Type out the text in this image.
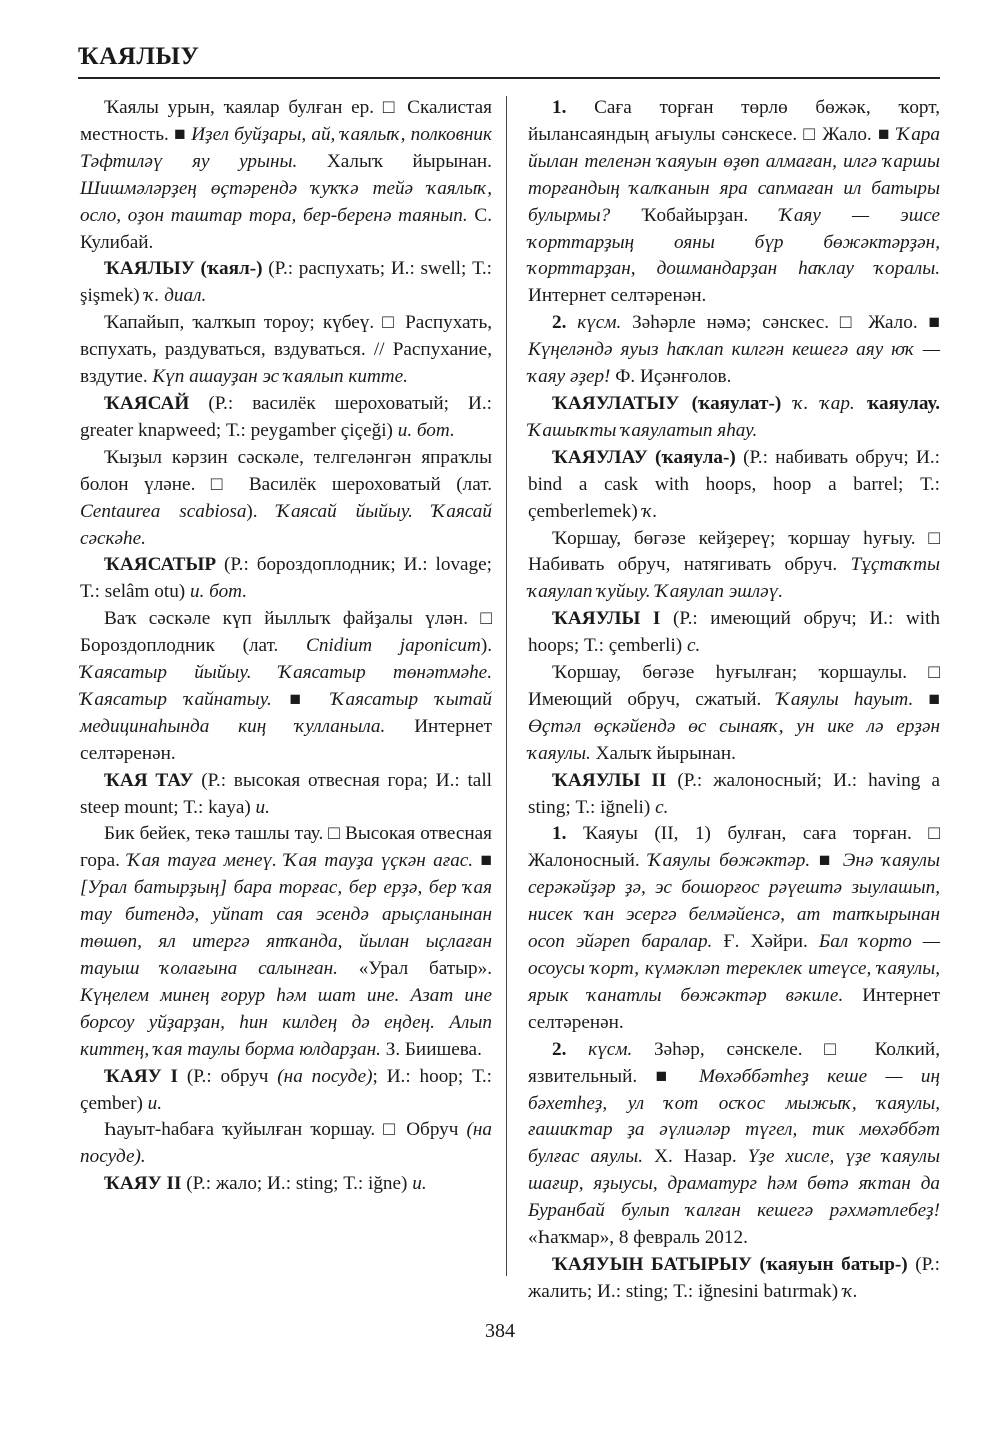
ҠАЯЛЫУ

Ҡаялы урын, ҡаялар булған ер. □ Скалистая местность. ■ Иҙел буйҙары, ай, ҡаялыҡ, полковник Тәфтиләү яу урыны. Халыҡ йырынан. Шишмәләрҙең өҫтәрендә ҡуҡҡә тейә ҡаялыҡ, осло, оҙон таштар тора, бер-беренә таянып. С. Кулибай.

ҠАЯЛЫУ (ҡаял-) (Р.: распухать; И.: swell; Т.: şişmek) ҡ. диал.

Ҡапайып, ҡалҡып тороу; күбеү. □ Распухать, вспухать, раздуваться, вздуваться. // Распухание, вздутие. Күп ашауҙан эс ҡаялып китте.

ҠАЯСАЙ (Р.: василёк шероховатый; И.: greater knapweed; Т.: peygamber çiçeği) и. бот.

Ҡыҙыл кәрзин сәскәле, телгеләнгән япраҡлы болон үләне. □ Василёк шероховатый (лат. Centaurea scabiosa). Ҡаясай йыйыу. Ҡаясай сәскәһе.

ҠАЯСАТЫР (Р.: бороздоплодник; И.: lovage; Т.: selâm otu) и. бот.

Ваҡ сәскәле күп йыллыҡ файҙалы үлән. □ Бороздоплодник (лат. Cnidium japonicum). Ҡаясатыр йыйыу. Ҡаясатыр төнәтмәһе. Ҡаясатыр ҡайнатыу. ■ Ҡаясатыр ҡытай медицинаһында киң ҡулланыла. Интернет селтәренән.

ҠАЯ ТАУ (Р.: высокая отвесная гора; И.: tall steep mount; Т.: kaya) и.

Бик бейек, текә ташлы тау. □ Высокая отвесная гора. Ҡая тауға менеү. Ҡая тауҙа үҫкән ағас. ■ [Урал батырҙың] бара торғас, бер ерҙә, бер ҡая тау битендә, уйпат сая эсендә арыҫланынан төшөп, ял итергә ятҡанда, йылан ыҫлаған тауыш ҡолағына салынған. «Урал батыр». Күңелем минең ғорур һәм шат ине. Азат ине борсоу уйҙарҙан, һин килдең дә еңдең. Алып киттең, ҡая таулы борма юлдарҙан. З. Биишева.

ҠАЯУ I (Р.: обруч (на посуде); И.: hoop; Т.: çember) и.

Һауыт-һабаға ҡуйылған ҡоршау. □ Обруч (на посуде).

ҠАЯУ II (Р.: жало; И.: sting; Т.: iğne) и.

1. Саға торған төрлө бөжәк, ҡорт, йылансаяндың ағыулы сәнскесе. □ Жало. ■ Ҡара йылан теленән ҡаяуын өҙөп алмаған, илгә ҡаршы торғандың ҡалҡанын яра сапмаған ил батыры булырмы? Ҡобайырҙан. Ҡаяу — эшсе ҡорттарҙың ояны бүр бөжәктәрҙән, ҡорттарҙан, дошмандарҙан һаҡлау ҡоралы. Интернет селтәренән.

2. күсм. Зәһәрле нәмә; сәнскес. □ Жало. ■ Күңеләндә яуыз һаҡлап килгән кешегә аяу юҡ — ҡаяу әҙер! Ф. Иҫәнғолов.

ҠАЯУЛАТЫУ (ҡаяулат-) ҡ. ҡар. ҡаяулау. Ҡашыҡты ҡаяулатып яһау.

ҠАЯУЛАУ (ҡаяула-) (Р.: набивать обруч; И.: bind a cask with hoops, hoop a barrel; Т.: çemberlemek) ҡ.

Ҡоршау, бөгәзе кейҙереү; ҡоршау һуғыу. □ Набивать обруч, натягивать обруч. Тұҫтаҡты ҡаяулап ҡуйыу. Ҡаяулап эшләү.

ҠАЯУЛЫ I (Р.: имеющий обруч; И.: with hoops; Т.: çemberli) с.

Ҡоршау, бөгәзе һуғылған; ҡоршаулы. □ Имеющий обруч, сжатый. Ҡаяулы һауыт. ■ Өҫтәл өҫкәйендә өс сынаяҡ, ун ике лә ерҙән ҡаяулы. Халыҡ йырынан.

ҠАЯУЛЫ II (Р.: жалоносный; И.: having a sting; Т.: iğneli) с.

1. Ҡаяуы (II, 1) булған, саға торған. □ Жалоносный. Ҡаяулы бөжәктәр. ■ Энә ҡаяулы серәкәйҙәр ҙә, эс бошорғос рәүештә зыулашып, нисек ҡан эсергә белмәйенсә, ат тапҡырынан осоп эйәреп баралар. Ғ. Хәйри. Бал ҡорто — осоусы ҡорт, күмәкләп тереклек итеүсе, ҡаяулы, ярык ҡанатлы бөжәктәр вәкиле. Интернет селтәренән.

2. күсм. Зәһәр, сәнскеле. □ Колкий, язвительный. ■ Мөхәббәтһеҙ кеше — иң бәхетһеҙ, ул ҡот осҡос мыжыҡ, ҡаяулы, ғашиҡтар ҙа әүлиәләр түгел, тик мөхәббәт булғас аяулы. Х. Назар. Үҙе хисле, үҙе ҡаяулы шағир, яҙыусы, драматург һәм бөтә яҡтан да Буранбай булып ҡалған кешегә рәхмәтлебеҙ! «Һаҡмар», 8 февраль 2012.

ҠАЯУЫН БАТЫРЫУ (ҡаяуын батыр-) (Р.: жалить; И.: sting; Т.: iğnesini batırmak) ҡ.

384
